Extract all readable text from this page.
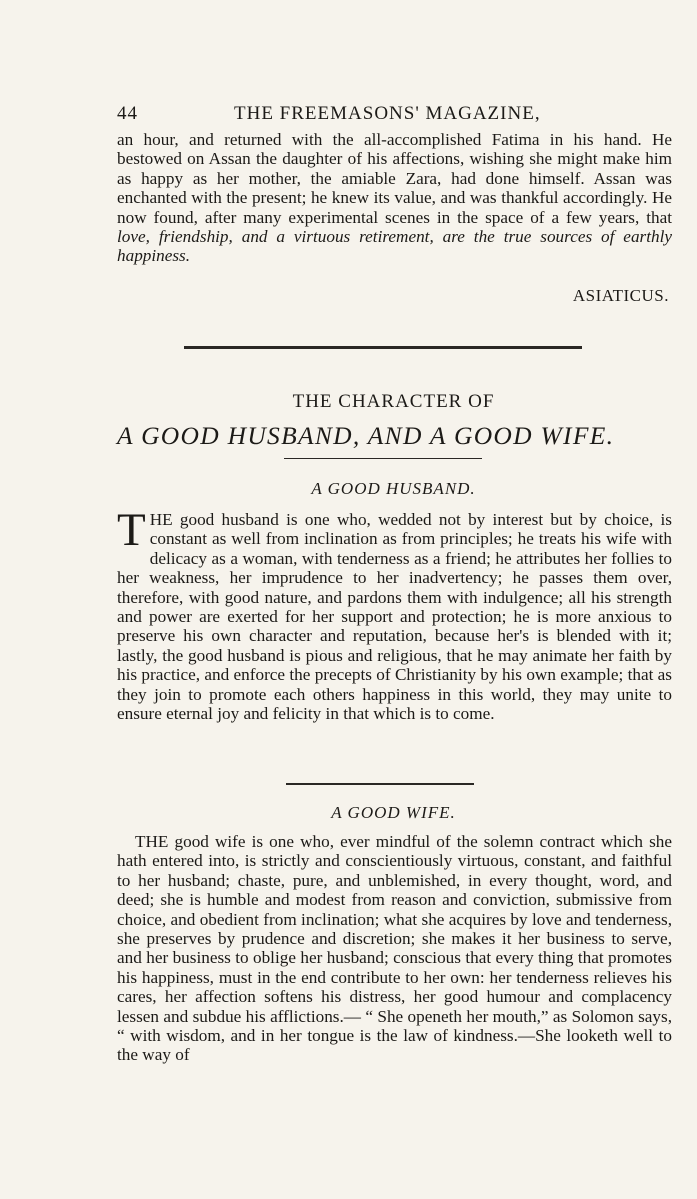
44	THE FREEMASONS' MAGAZINE,

an hour, and returned with the all-accomplished Fatima in his hand. He bestowed on Assan the daughter of his affections, wishing she might make him as happy as her mother, the amiable Zara, had done himself. Assan was enchanted with the present; he knew its value, and was thankful accordingly. He now found, after many experimental scenes in the space of a few years, that love, friendship, and a virtuous retirement, are the true sources of earthly happiness.

ASIATICUS.
THE CHARACTER OF
A GOOD HUSBAND, AND A GOOD WIFE.
A GOOD HUSBAND.

THE good husband is one who, wedded not by interest but by choice, is constant as well from inclination as from principles; he treats his wife with delicacy as a woman, with tenderness as a friend; he attributes her follies to her weakness, her imprudence to her inadvertency; he passes them over, therefore, with good nature, and pardons them with indulgence; all his strength and power are exerted for her support and protection; he is more anxious to preserve his own character and reputation, because her's is blended with it; lastly, the good husband is pious and religious, that he may animate her faith by his practice, and enforce the precepts of Christianity by his own example; that as they join to promote each others happiness in this world, they may unite to ensure eternal joy and felicity in that which is to come.

A GOOD WIFE.

THE good wife is one who, ever mindful of the solemn contract which she hath entered into, is strictly and conscientiously virtuous, constant, and faithful to her husband; chaste, pure, and unblemished, in every thought, word, and deed; she is humble and modest from reason and conviction, submissive from choice, and obedient from inclination; what she acquires by love and tenderness, she preserves by prudence and discretion; she makes it her business to serve, and her business to oblige her husband; conscious that every thing that promotes his happiness, must in the end contribute to her own: her tenderness relieves his cares, her affection softens his distress, her good humour and complacency lessen and subdue his afflictions.— “ She openeth her mouth,” as Solomon says, “ with wisdom, and in her tongue is the law of kindness.—She looketh well to the way of
